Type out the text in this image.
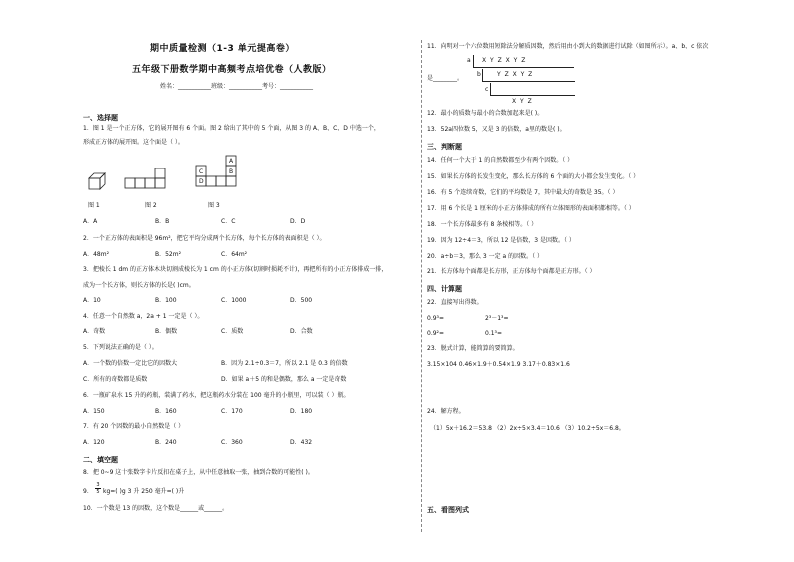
期中质量检测（1-3 单元提高卷）
五年级下册数学期中高频考点培优卷（人教版）
姓名：___________班级：___________考号：___________
一、选择题
1．图 1 是一个正方体，它的展开图有 6 个面。图 2 给出了其中的 5 个面，从图 3 的 A、B、C、D 中选一个，
形成正方体的展开图。这个面是（ ）。
A
B
C
D
图 1	图 2	图 3
A．A	B．B	C．C	D．D
2．一个正方体的表面积是 96m²，把它平均分成两个长方体，每个长方体的表面积是（ ）。
A．48m²	B．52m²	C．64m²
3．把棱长 1 dm 的正方体木块切割成棱长为 1 cm 的小正方体(切割时损耗不计)，再把所有的小正方体排成一排，
成为一个长方体，则长方体的长是( )cm。
A．10	B．100	C．1000	D．500
4．任意一个自然数 a，2a + 1 一定是（ ）。
A．奇数	B．偶数	C．质数	D．合数
5．下列说法正确的是（ ）。
A．一个数的倍数一定比它的因数大	B．因为 2.1÷0.3＝7，所以 2.1 是 0.3 的倍数
C．所有的奇数都是质数	D．如果 a＋5 的和是偶数，那么 a 一定是奇数
6．一瓶矿泉水 15 升的药瓶，装满了药水，把这瓶药水分装在 100 毫升的小瓶里，可以装（ ）瓶。
A．150	B．160	C．170	D．180
7．有 20 个因数的最小自然数是（ ）
A．120	B．240	C．360	D．432
二、填空题
8．把 0~9 这十张数字卡片反扣在桌子上，从中任意抽取一张，抽到合数的可能性( )。
9． $\frac{3}{5} kg=$( )g 3 升 250 毫升=( )升
10．一个数是 13 的因数，这个数是______或______。
11．向明对一个六位数用短除法分解质因数，然后用由小到大的数据进行试除（如图所示）。a、b、c 依次
a
b
c
X Y Z X Y Z
Y Z X Y Z
X Y Z
是________。
12．最小的质数与最小的合数加起来是( )。
13．52a四位数 5，又是 3 的倍数，a里的数是( )。
三、判断题
14．任何一个大于 1 的自然数都至少有两个因数。（ ）
15．如果长方体的长发生变化，那么长方体的 6 个面的大小都会发生变化。（ ）
16．有 5 个连续奇数，它们的平均数是 7，其中最大的奇数是 35。（ ）
17．用 6 个长是 1 厘米的小正方体排成的所有立体图形的表面积都相等。（ ）
18．一个长方体最多有 8 条棱相等。（ ）
19．因为 12÷4＝3，所以 12 是倍数，3 是因数。（ ）
20．a÷b＝3，那么 3 一定 a 的因数。（ ）
21．长方体每个面都是长方形，正方体每个面都是正方形。（ ）
四、计算题
22．直接写出得数。
0.9³=	2³－1³=
0.9²=	0.1³=
23．脱式计算，能简算的要简算。
3.15×104 0.46×1.9＋0.54×1.9 3.17＋0.83×1.6
24．解方程。
（1）5x＋16.2＝53.8 （2）2x÷5×3.4＝10.6 （3）10.2÷5x＝6.8。
五、看图列式
